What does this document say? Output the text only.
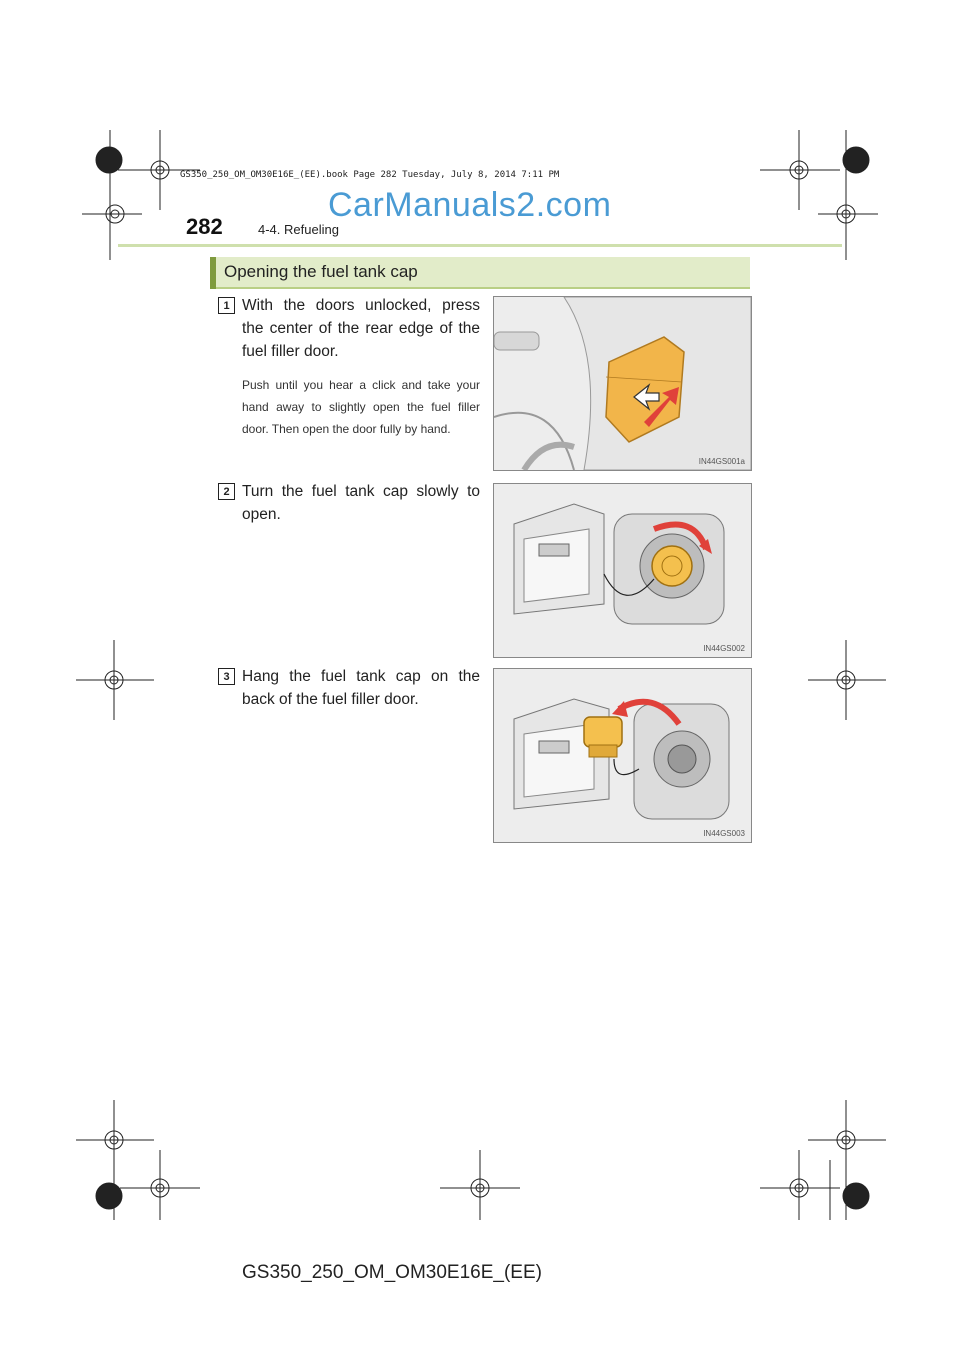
GS350_250_OM_OM30E16E_(EE).book Page 282 Tuesday, July 8, 2014 7:11 PM
CarManuals2.com
282	4-4. Refueling
Opening the fuel tank cap
1 With the doors unlocked, press the center of the rear edge of the fuel filler door.
Push until you hear a click and take your hand away to slightly open the fuel filler door. Then open the door fully by hand.
IN44GS001a
2 Turn the fuel tank cap slowly to open.
IN44GS002
3 Hang the fuel tank cap on the back of the fuel filler door.
IN44GS003
GS350_250_OM_OM30E16E_(EE)
